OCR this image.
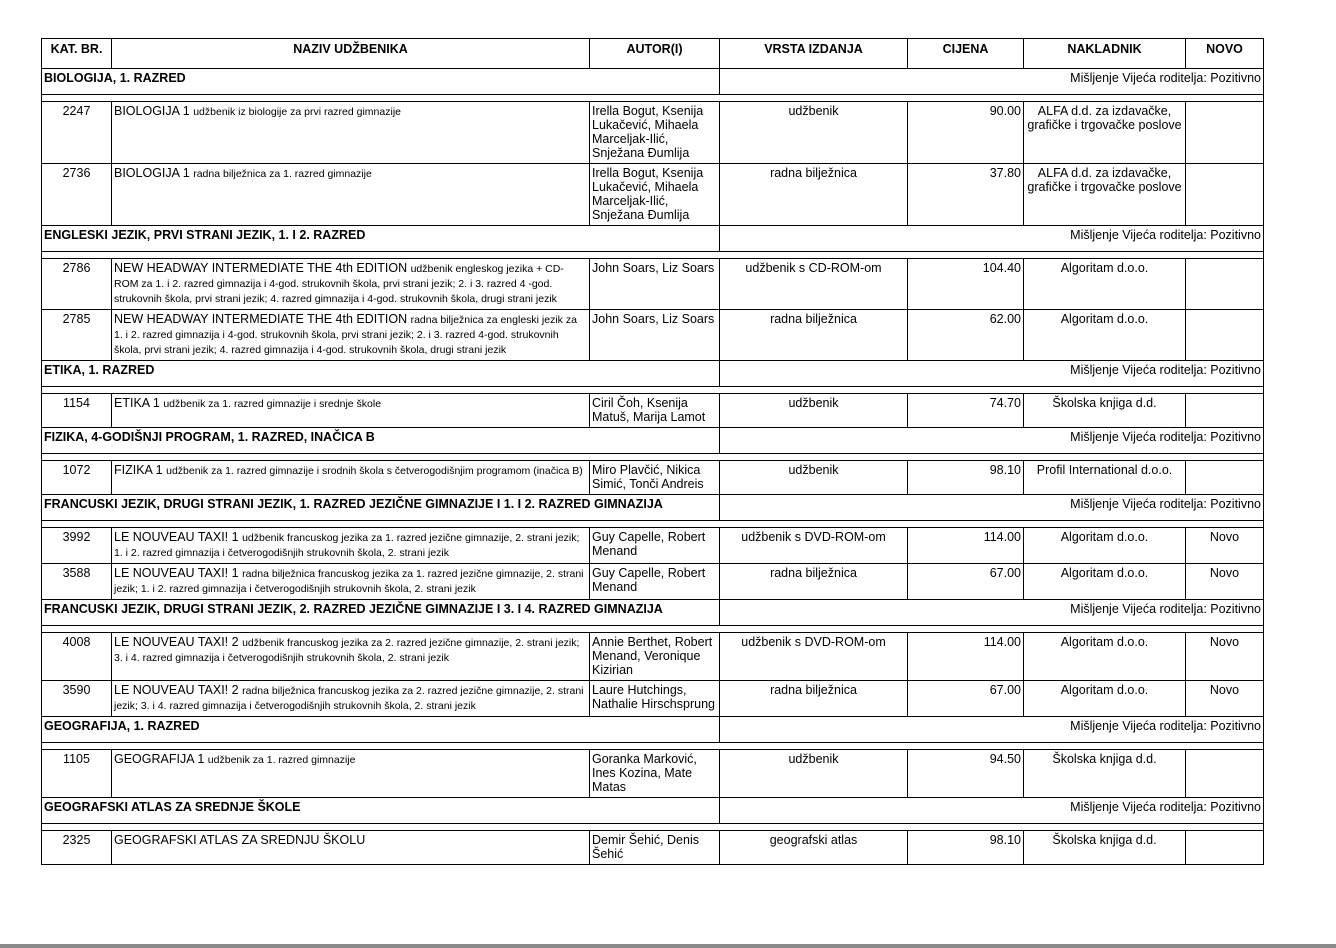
KAT. BR.	NAZIV UDŽBENIKA	AUTOR(I)	VRSTA IZDANJA	CIJENA	NAKLADNIK	NOVO
BIOLOGIJA, 1. RAZRED			Mišljenje Vijeća roditelja: Pozitivno			

2247	BIOLOGIJA 1 udžbenik iz biologije za prvi razred gimnazije	Irella Bogut, Ksenija Lukačević, Mihaela Marceljak-Ilić, Snježana Đumlija	udžbenik	90.00	ALFA d.d. za izdavačke, grafičke i trgovačke poslove	
2736	BIOLOGIJA 1 radna bilježnica za 1. razred gimnazije	Irella Bogut, Ksenija Lukačević, Mihaela Marceljak-Ilić, Snježana Đumlija	radna bilježnica	37.80	ALFA d.d. za izdavačke, grafičke i trgovačke poslove	
ENGLESKI JEZIK, PRVI STRANI JEZIK, 1. I 2. RAZRED			Mišljenje Vijeća roditelja: Pozitivno			

2786	NEW HEADWAY INTERMEDIATE THE 4th EDITION udžbenik engleskog jezika + CD-ROM za 1. i 2. razred gimnazija i 4-god. strukovnih škola, prvi strani jezik; 2. i 3. razred 4 -god. strukovnih škola, prvi strani jezik; 4. razred gimnazija i 4-god. strukovnih škola, drugi strani jezik	John Soars, Liz Soars	udžbenik s CD-ROM-om	104.40	Algoritam d.o.o.	
2785	NEW HEADWAY INTERMEDIATE THE 4th EDITION radna bilježnica za engleski jezik za 1. i 2. razred gimnazija i 4-god. strukovnih škola, prvi strani jezik; 2. i 3. razred 4-god. strukovnih škola, prvi strani jezik; 4. razred gimnazija i 4-god. strukovnih škola, drugi strani jezik	John Soars, Liz Soars	radna bilježnica	62.00	Algoritam d.o.o.	
ETIKA, 1. RAZRED			Mišljenje Vijeća roditelja: Pozitivno			

1154	ETIKA 1 udžbenik za 1. razred gimnazije i srednje škole	Ciril Čoh, Ksenija Matuš, Marija Lamot	udžbenik	74.70	Školska knjiga d.d.	
FIZIKA, 4-GODIŠNJI PROGRAM, 1. RAZRED, INAČICA B			Mišljenje Vijeća roditelja: Pozitivno			

1072	FIZIKA 1 udžbenik za 1. razred gimnazije i srodnih škola s četverogodišnjim programom (inačica B)	Miro Plavčić, Nikica Simić, Tonči Andreis	udžbenik	98.10	Profil International d.o.o.	
FRANCUSKI JEZIK, DRUGI STRANI JEZIK, 1. RAZRED JEZIČNE GIMNAZIJE I 1. I 2. RAZRED GIMNAZIJA			Mišljenje Vijeća roditelja: Pozitivno			

3992	LE NOUVEAU TAXI! 1 udžbenik francuskog jezika za 1. razred jezične gimnazije, 2. strani jezik; 1. i 2. razred gimnazija i četverogodišnjih strukovnih škola, 2. strani jezik	Guy Capelle, Robert Menand	udžbenik s DVD-ROM-om	114.00	Algoritam d.o.o.	Novo
3588	LE NOUVEAU TAXI! 1 radna bilježnica francuskog jezika za 1. razred jezične gimnazije, 2. strani jezik; 1. i 2. razred gimnazija i četverogodišnjih strukovnih škola, 2. strani jezik	Guy Capelle, Robert Menand	radna bilježnica	67.00	Algoritam d.o.o.	Novo
FRANCUSKI JEZIK, DRUGI STRANI JEZIK, 2. RAZRED JEZIČNE GIMNAZIJE I 3. I 4. RAZRED GIMNAZIJA			Mišljenje Vijeća roditelja: Pozitivno			

4008	LE NOUVEAU TAXI! 2 udžbenik francuskog jezika za 2. razred jezične gimnazije, 2. strani jezik; 3. i 4. razred gimnazija i četverogodišnjih strukovnih škola, 2. strani jezik	Annie Berthet, Robert Menand, Veronique Kizirian	udžbenik s DVD-ROM-om	114.00	Algoritam d.o.o.	Novo
3590	LE NOUVEAU TAXI! 2 radna bilježnica francuskog jezika za 2. razred jezične gimnazije, 2. strani jezik; 3. i 4. razred gimnazija i četverogodišnjih strukovnih škola, 2. strani jezik	Laure Hutchings, Nathalie Hirschsprung	radna bilježnica	67.00	Algoritam d.o.o.	Novo
GEOGRAFIJA, 1. RAZRED			Mišljenje Vijeća roditelja: Pozitivno			

1105	GEOGRAFIJA 1 udžbenik za 1. razred gimnazije	Goranka Marković, Ines Kozina, Mate Matas	udžbenik	94.50	Školska knjiga d.d.	
GEOGRAFSKI ATLAS ZA SREDNJE ŠKOLE			Mišljenje Vijeća roditelja: Pozitivno			

2325	GEOGRAFSKI ATLAS ZA SREDNJU ŠKOLU	Demir Šehić, Denis Šehić	geografski atlas	98.10	Školska knjiga d.d.	
